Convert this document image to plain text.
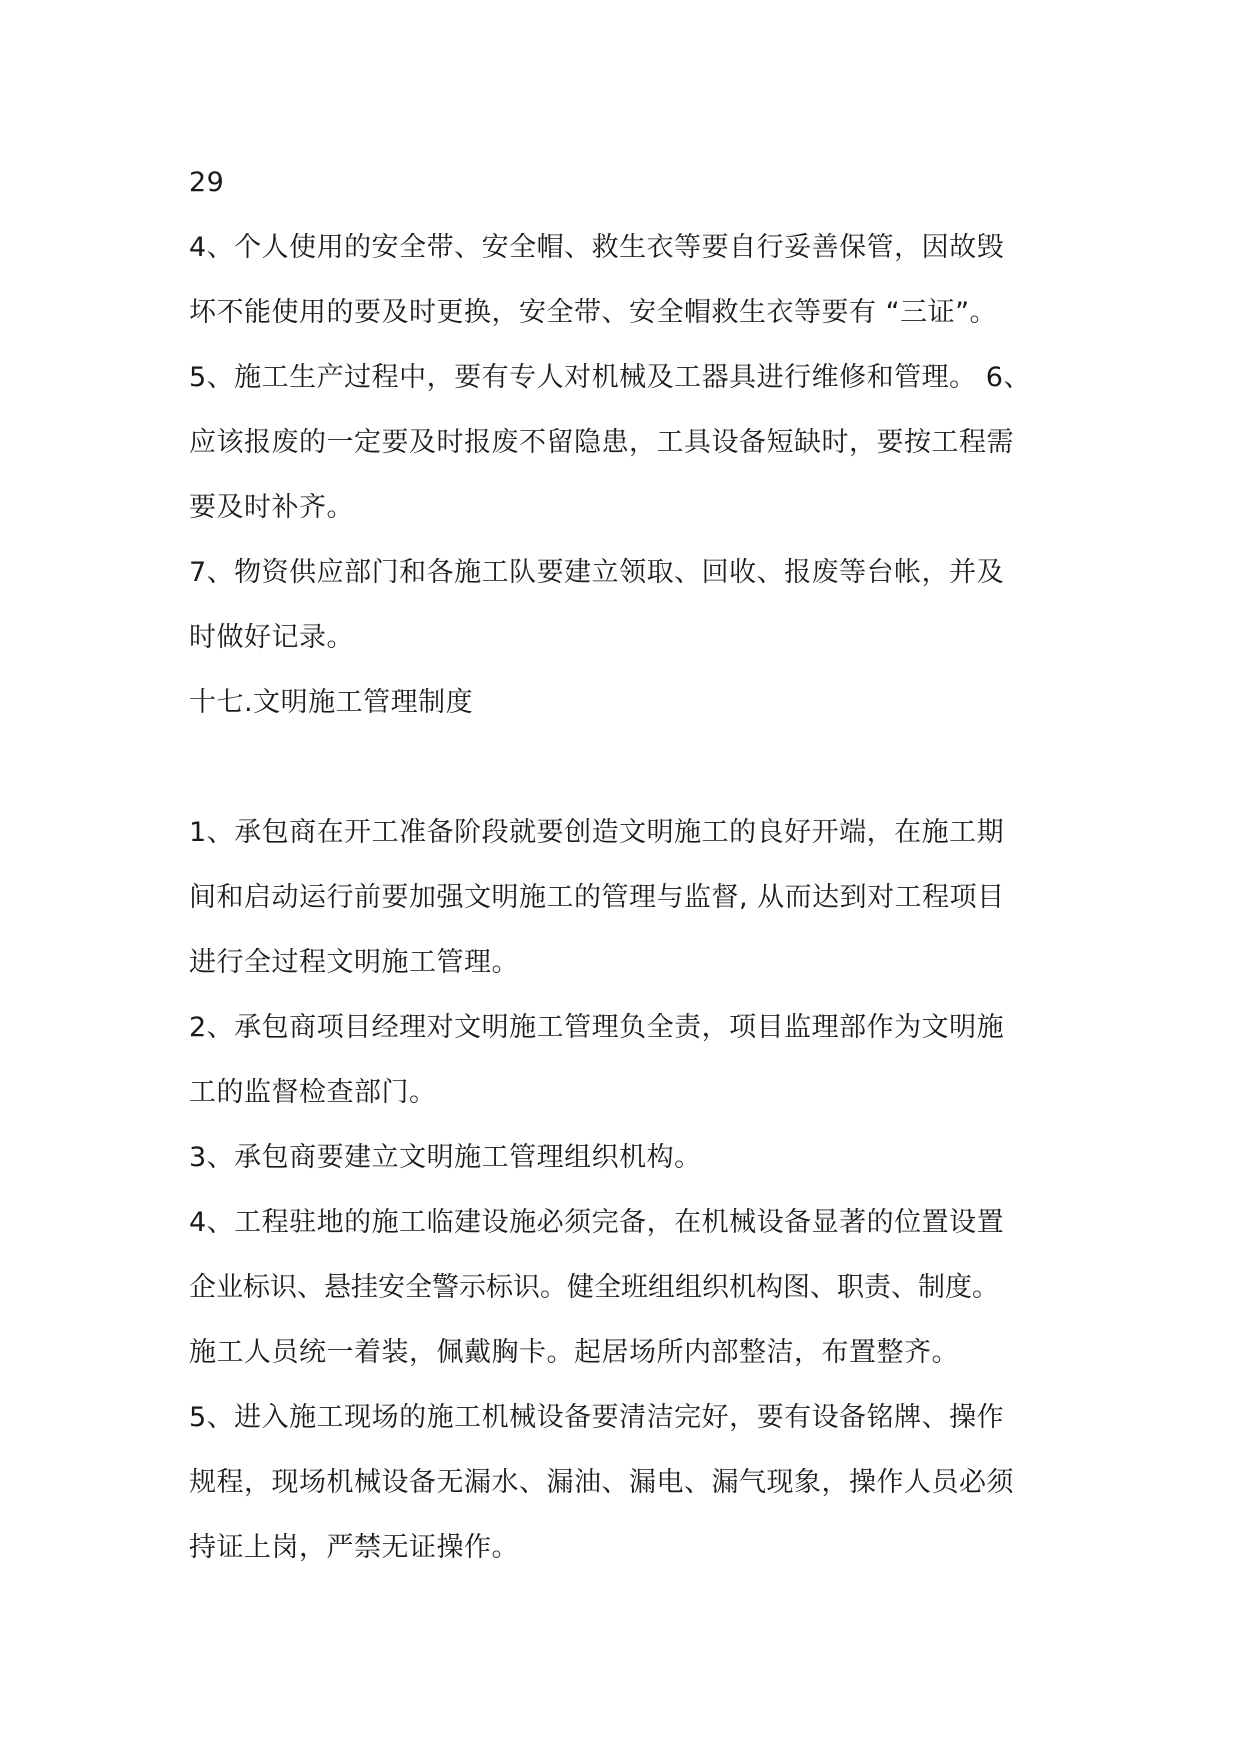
29
4、个人使用的安全带、安全帽、救生衣等要自行妥善保管，因故毁
坏不能使用的要及时更换，安全带、安全帽救生衣等要有 “三证”。
5、施工生产过程中，要有专人对机械及工器具进行维修和管理。 6、
应该报废的一定要及时报废不留隐患，工具设备短缺时，要按工程需
要及时补齐。
7、物资供应部门和各施工队要建立领取、回收、报废等台帐，并及
时做好记录。
十七.文明施工管理制度
1、承包商在开工准备阶段就要创造文明施工的良好开端，在施工期
间和启动运行前要加强文明施工的管理与监督, 从而达到对工程项目
进行全过程文明施工管理。
2、承包商项目经理对文明施工管理负全责，项目监理部作为文明施
工的监督检查部门。
3、承包商要建立文明施工管理组织机构。
4、工程驻地的施工临建设施必须完备，在机械设备显著的位置设置
企业标识、悬挂安全警示标识。健全班组组织机构图、职责、制度。
施工人员统一着装，佩戴胸卡。起居场所内部整洁，布置整齐。
5、进入施工现场的施工机械设备要清洁完好，要有设备铭牌、操作
规程，现场机械设备无漏水、漏油、漏电、漏气现象，操作人员必须
持证上岗，严禁无证操作。
